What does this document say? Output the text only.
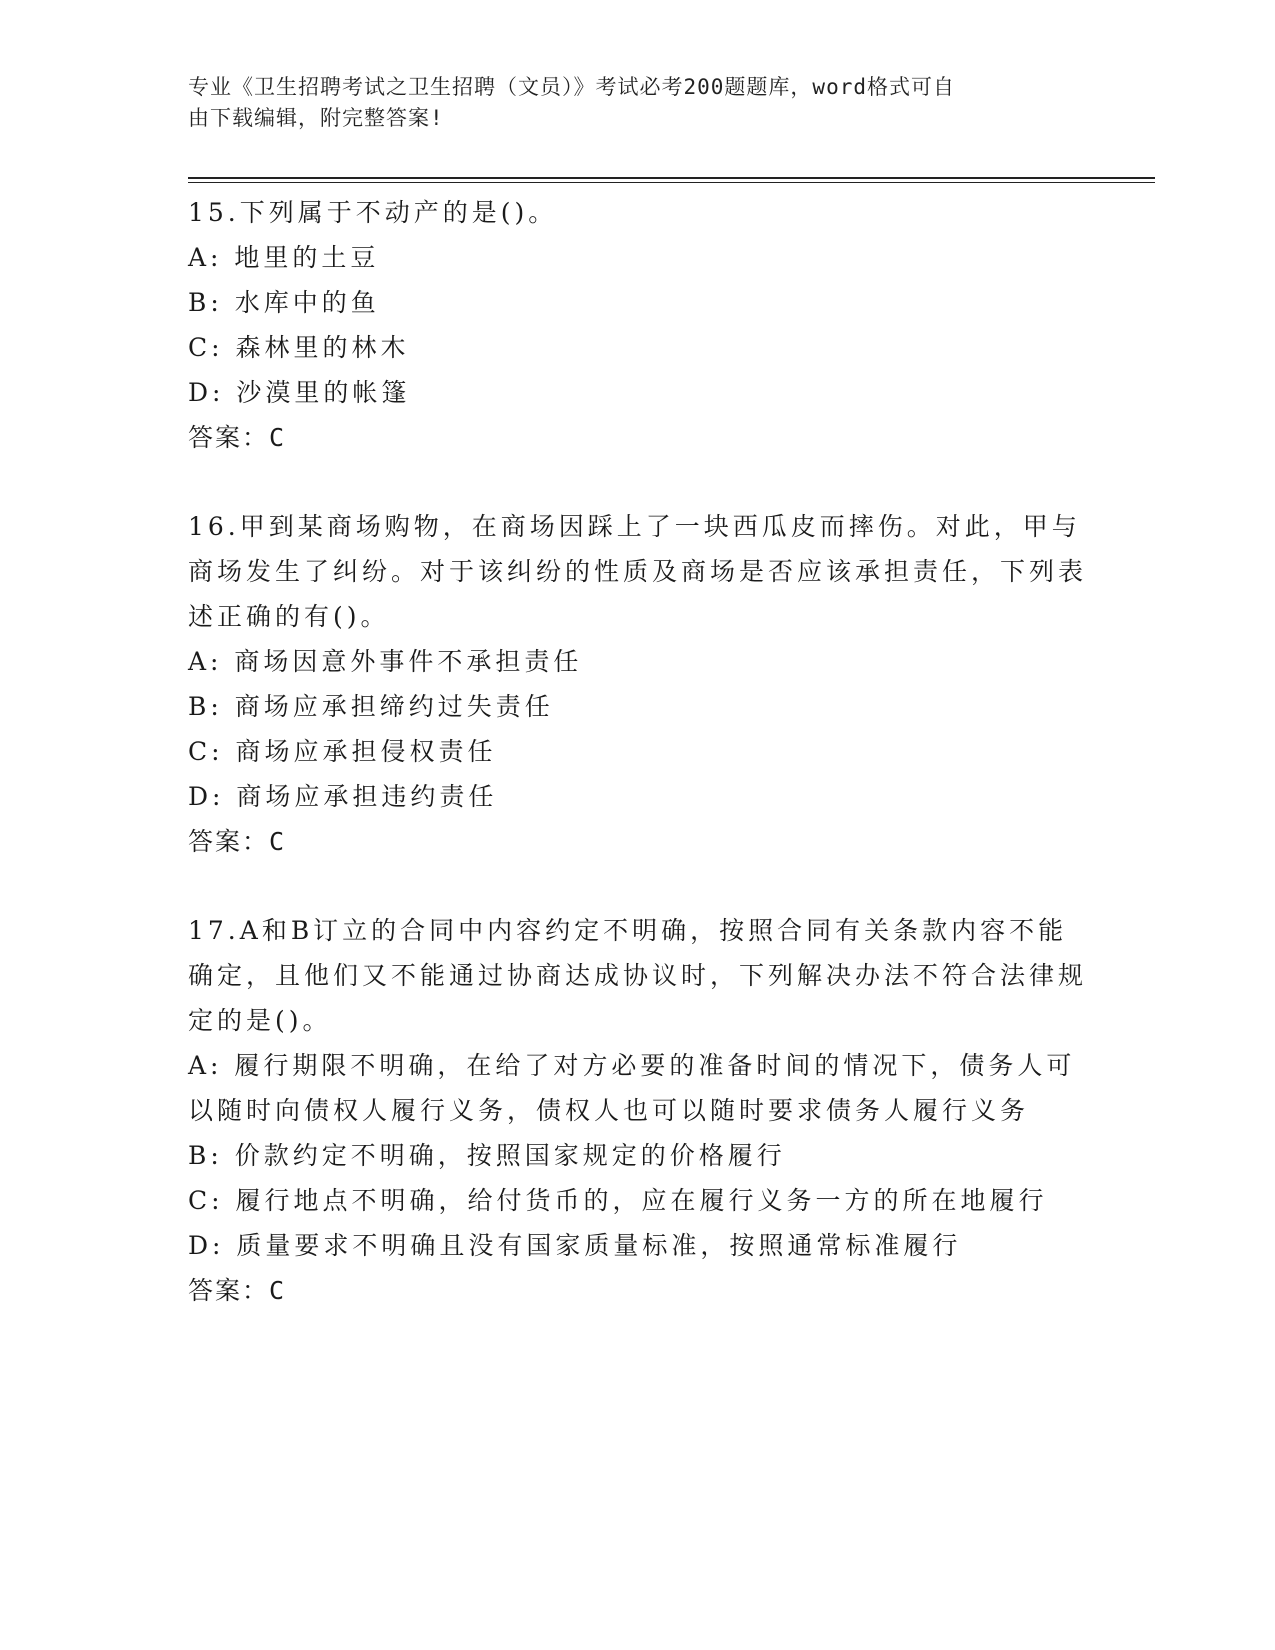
专业《卫生招聘考试之卫生招聘（文员）》考试必考200题题库，word格式可自
由下载编辑，附完整答案!

15.下列属于不动产的是()。

A: 地里的土豆

B: 水库中的鱼

C: 森林里的林木

D: 沙漠里的帐篷

答案：C

16.甲到某商场购物，在商场因踩上了一块西瓜皮而摔伤。对此，甲与商场发生了纠纷。对于该纠纷的性质及商场是否应该承担责任，下列表述正确的有()。

A: 商场因意外事件不承担责任

B: 商场应承担缔约过失责任

C: 商场应承担侵权责任

D: 商场应承担违约责任

答案：C

17.A和B订立的合同中内容约定不明确，按照合同有关条款内容不能确定，且他们又不能通过协商达成协议时，下列解决办法不符合法律规定的是()。

A: 履行期限不明确，在给了对方必要的准备时间的情况下，债务人可以随时向债权人履行义务，债权人也可以随时要求债务人履行义务

B: 价款约定不明确，按照国家规定的价格履行

C: 履行地点不明确，给付货币的，应在履行义务一方的所在地履行

D: 质量要求不明确且没有国家质量标准，按照通常标准履行

答案：C
